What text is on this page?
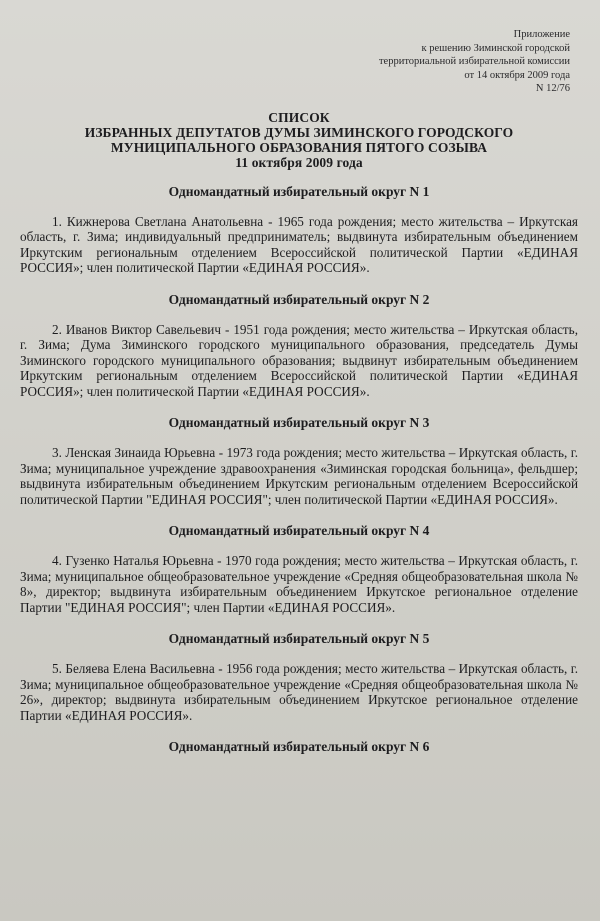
Приложение
к решению Зиминской городской
территориальной избирательной комиссии
от 14 октября 2009 года
N 12/76
СПИСОК
ИЗБРАННЫХ ДЕПУТАТОВ ДУМЫ ЗИМИНСКОГО ГОРОДСКОГО
МУНИЦИПАЛЬНОГО ОБРАЗОВАНИЯ ПЯТОГО СОЗЫВА
11 октября 2009 года
Одномандатный избирательный округ N 1

1. Кижнерова Светлана Анатольевна - 1965 года рождения; место жительства – Иркутская область, г. Зима; индивидуальный предприниматель; выдвинута избирательным объединением Иркутским региональным отделением Всероссийской политической Партии «ЕДИНАЯ РОССИЯ»; член политической Партии «ЕДИНАЯ РОССИЯ».

Одномандатный избирательный округ N 2

2. Иванов Виктор Савельевич - 1951 года рождения; место жительства – Иркутская область, г. Зима; Дума Зиминского городского муниципального образования, председатель Думы Зиминского городского муниципального образования; выдвинут избирательным объединением Иркутским региональным отделением Всероссийской политической Партии «ЕДИНАЯ РОССИЯ»; член политической Партии «ЕДИНАЯ РОССИЯ».

Одномандатный избирательный округ N 3

3. Ленская Зинаида Юрьевна - 1973 года рождения; место жительства – Иркутская область, г. Зима; муниципальное учреждение здравоохранения «Зиминская городская больница», фельдшер; выдвинута избирательным объединением Иркутским региональным отделением Всероссийской политической Партии "ЕДИНАЯ РОССИЯ"; член политической Партии «ЕДИНАЯ РОССИЯ».

Одномандатный избирательный округ N 4

4. Гузенко Наталья Юрьевна - 1970 года рождения; место жительства – Иркутская область, г. Зима; муниципальное общеобразовательное учреждение «Средняя общеобразовательная школа № 8», директор; выдвинута избирательным объединением Иркутское региональное отделение Партии "ЕДИНАЯ РОССИЯ"; член Партии «ЕДИНАЯ РОССИЯ».

Одномандатный избирательный округ N 5

5. Беляева Елена Васильевна - 1956 года рождения; место жительства – Иркутская область, г. Зима; муниципальное общеобразовательное учреждение «Средняя общеобразовательная школа № 26», директор; выдвинута избирательным объединением Иркутское региональное отделение Партии «ЕДИНАЯ РОССИЯ».

Одномандатный избирательный округ N 6
